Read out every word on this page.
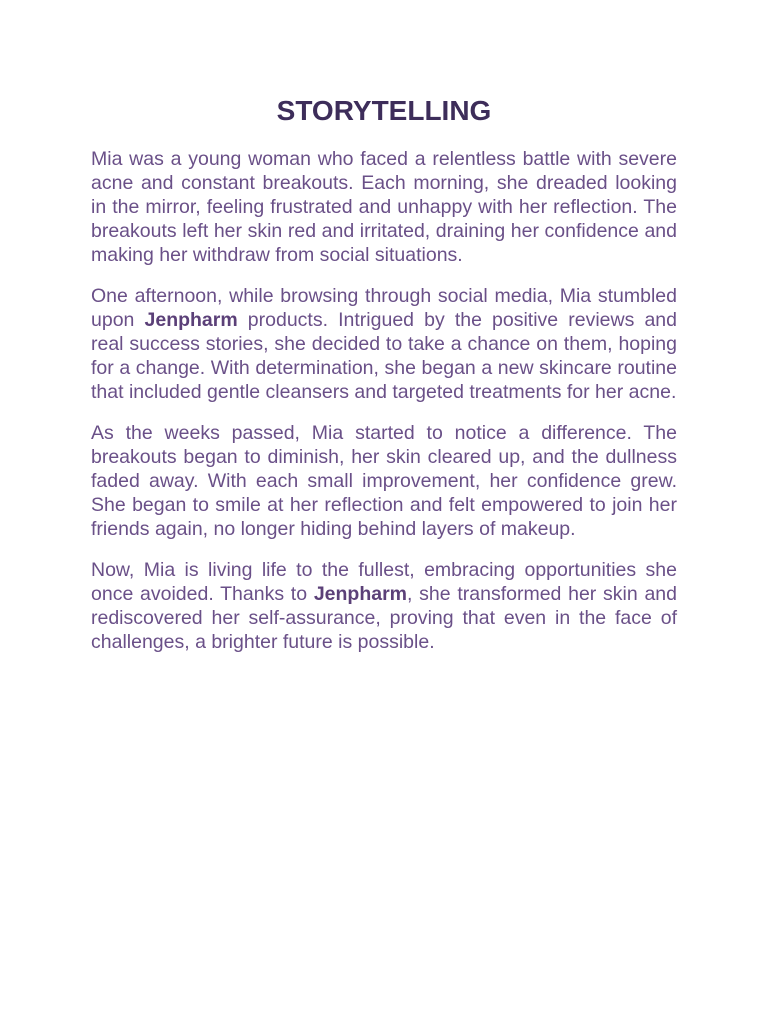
STORYTELLING

Mia was a young woman who faced a relentless battle with severe acne and constant breakouts. Each morning, she dreaded looking in the mirror, feeling frustrated and unhappy with her reflection. The breakouts left her skin red and irritated, draining her confidence and making her withdraw from social situations.

One afternoon, while browsing through social media, Mia stumbled upon Jenpharm products. Intrigued by the positive reviews and real success stories, she decided to take a chance on them, hoping for a change. With determination, she began a new skincare routine that included gentle cleansers and targeted treatments for her acne.

As the weeks passed, Mia started to notice a difference. The breakouts began to diminish, her skin cleared up, and the dullness faded away. With each small improvement, her confidence grew. She began to smile at her reflection and felt empowered to join her friends again, no longer hiding behind layers of makeup.

Now, Mia is living life to the fullest, embracing opportunities she once avoided. Thanks to Jenpharm, she transformed her skin and rediscovered her self-assurance, proving that even in the face of challenges, a brighter future is possible.
